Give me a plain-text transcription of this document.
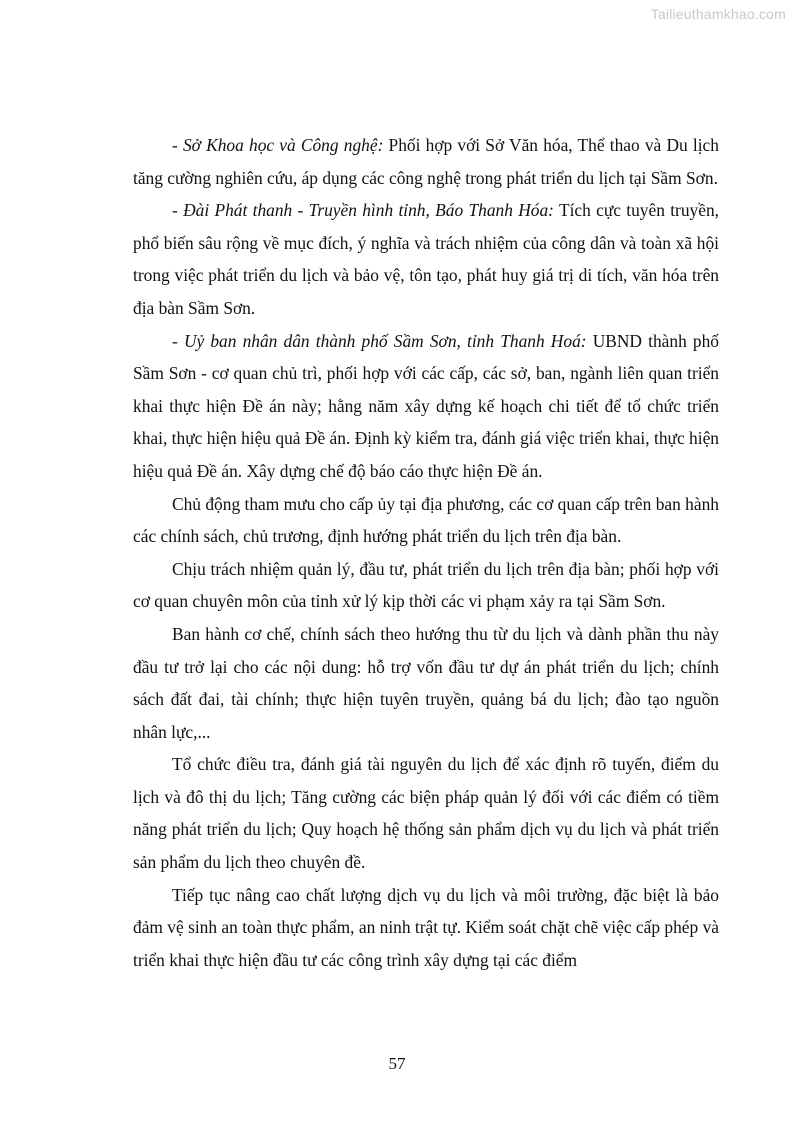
Tailieuthamkhao.com

- Sở Khoa học và Công nghệ: Phối hợp với Sở Văn hóa, Thể thao và Du lịch tăng cường nghiên cứu, áp dụng các công nghệ trong phát triển du lịch tại Sầm Sơn.

- Đài Phát thanh - Truyền hình tỉnh, Báo Thanh Hóa: Tích cực tuyên truyền, phổ biến sâu rộng về mục đích, ý nghĩa và trách nhiệm của công dân và toàn xã hội trong việc phát triển du lịch và bảo vệ, tôn tạo, phát huy giá trị di tích, văn hóa trên địa bàn Sầm Sơn.

- Uỷ ban nhân dân thành phố Sầm Sơn, tỉnh Thanh Hoá: UBND thành phố Sầm Sơn - cơ quan chủ trì, phối hợp với các cấp, các sở, ban, ngành liên quan triển khai thực hiện Đề án này; hằng năm xây dựng kế hoạch chi tiết để tổ chức triển khai, thực hiện hiệu quả Đề án. Định kỳ kiểm tra, đánh giá việc triển khai, thực hiện hiệu quả Đề án. Xây dựng chế độ báo cáo thực hiện Đề án.

Chủ động tham mưu cho cấp ủy tại địa phương, các cơ quan cấp trên ban hành các chính sách, chủ trương, định hướng phát triển du lịch trên địa bàn.

Chịu trách nhiệm quản lý, đầu tư, phát triển du lịch trên địa bàn; phối hợp với cơ quan chuyên môn của tỉnh xử lý kịp thời các vi phạm xảy ra tại Sầm Sơn.

Ban hành cơ chế, chính sách theo hướng thu từ du lịch và dành phần thu này đầu tư trở lại cho các nội dung: hỗ trợ vốn đầu tư dự án phát triển du lịch; chính sách đất đai, tài chính; thực hiện tuyên truyền, quảng bá du lịch; đào tạo nguồn nhân lực,...

Tổ chức điều tra, đánh giá tài nguyên du lịch để xác định rõ tuyến, điểm du lịch và đô thị du lịch; Tăng cường các biện pháp quản lý đối với các điểm có tiềm năng phát triển du lịch; Quy hoạch hệ thống sản phẩm dịch vụ du lịch và phát triển sản phẩm du lịch theo chuyên đề.

Tiếp tục nâng cao chất lượng dịch vụ du lịch và môi trường, đặc biệt là bảo đảm vệ sinh an toàn thực phẩm, an ninh trật tự. Kiểm soát chặt chẽ việc cấp phép và triển khai thực hiện đầu tư các công trình xây dựng tại các điểm

57
